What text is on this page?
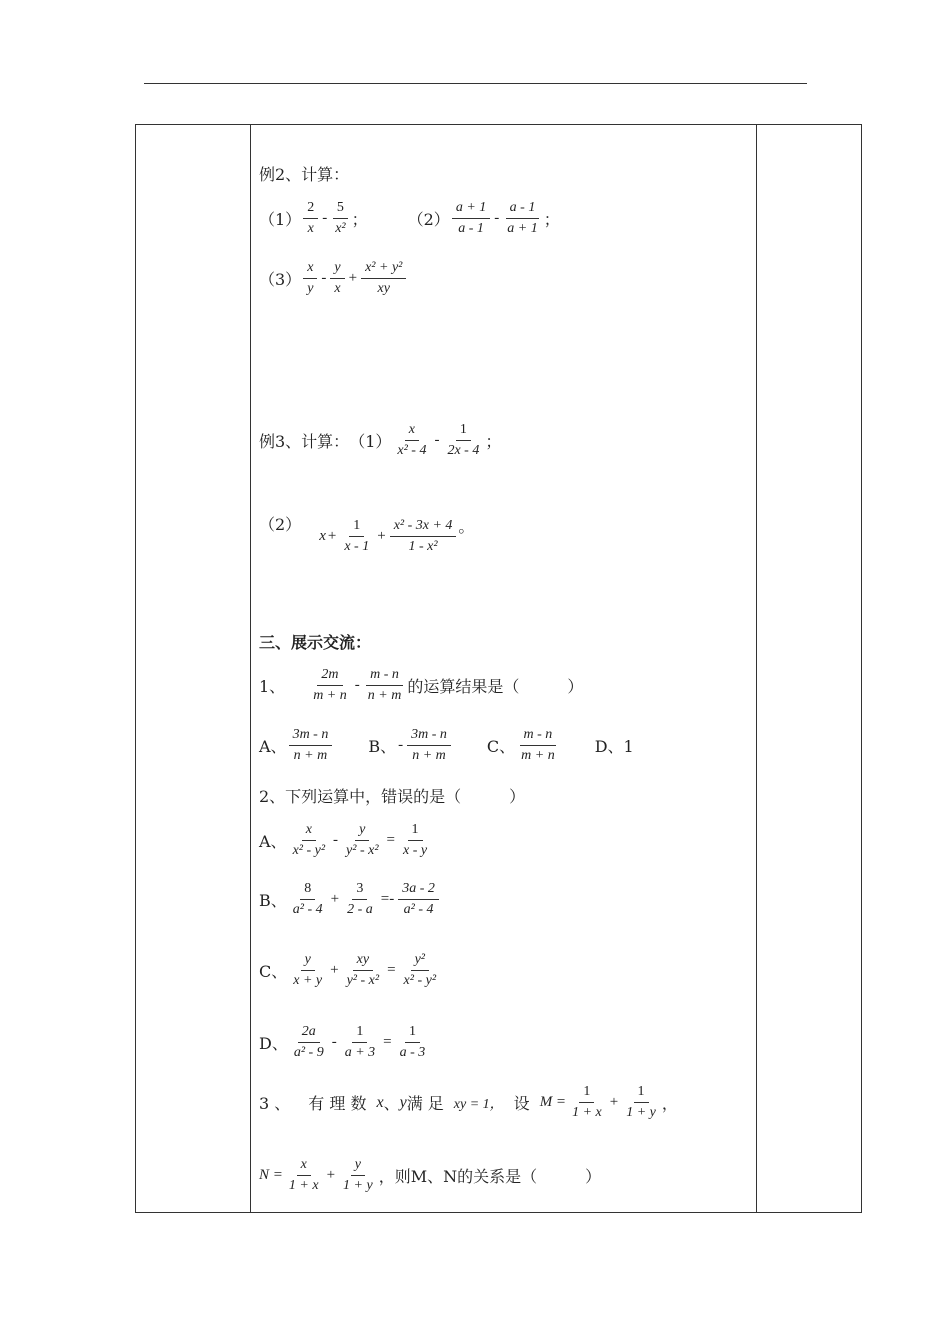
例2、计算：
$(1) \frac{2}{x} - \frac{5}{\text{x²}}$ ；	$(2) \frac{a + 1}{a - 1} - \frac{a - 1}{a + 1}$ ；
$(3) \frac{x}{y} - \frac{y}{x} + \frac{\text{x² + y²}}{xy}$
例3、计算： $(1) \frac{x}{\text{x² - 4}} - \frac{1}{2x - 4}$ ；
（2）
$x + \frac{1}{x - 1} + \frac{\text{x² - 3x + 4}}{\text{1 - x²}}$ 。
三、展示交流：
1、 $\frac{2m}{m + n} - \frac{m - n}{n + m}$ 的运算结果是（　　　）
A、 $\frac{3m - n}{n + m}$ B、 - $\frac{3m - n}{n + m}$ C、 $\frac{m - n}{m + n}$ D、1
2、下列运算中，错误的是（　　　）
A、 $\frac{x}{\text{x² - y²}} - \frac{y}{\text{y² - x²}} = \frac{1}{x - y}$
B、 $\frac{8}{\text{a² - 4}} + \frac{3}{2 - a} =- \frac{3a - 2}{\text{a² - 4}}$
C、 $\frac{y}{x + y} + \frac{xy}{\text{y² - x²}} = \frac{\text{y²}}{\text{x² - y²}}$
D、 $\frac{2a}{\text{a² - 9}} - \frac{1}{a + 3} = \frac{1}{a - 3}$
3 、 有 理 数 x 、 y 满 足 xy = 1， 设 $M = \frac{1}{1 + x} + \frac{1}{1 + y}$ ，
$N = \frac{x}{1 + x} + \frac{y}{1 + y}$ ，则M、N的关系是（　　　）
